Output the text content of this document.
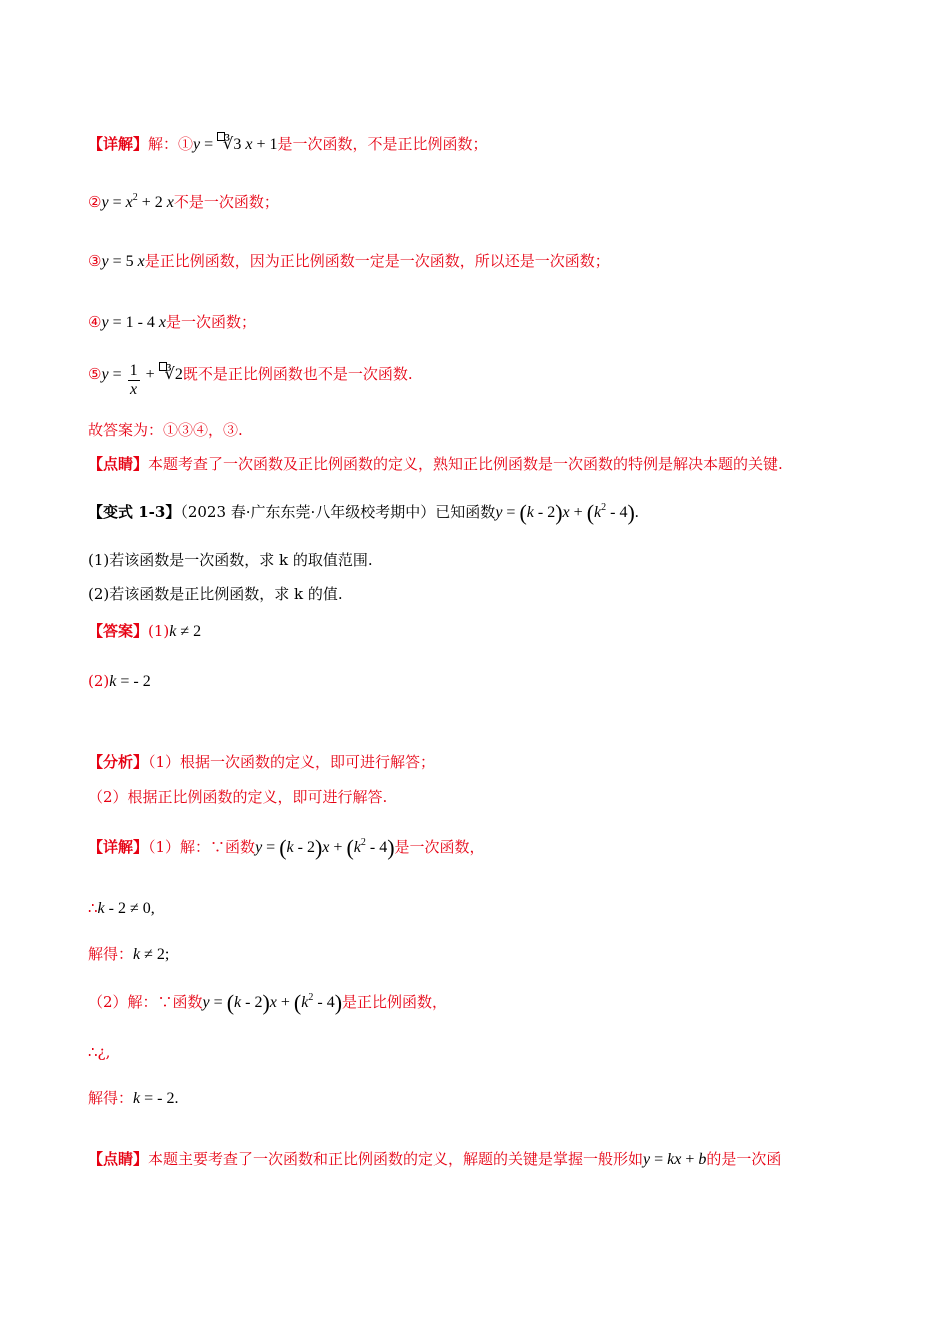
【详解】解：①y = ∛3 x + 1是一次函数，不是正比例函数；
②y = $x^2 + 2$ x不是一次函数；
③y = 5 x是正比例函数，因为正比例函数一定是一次函数，所以还是一次函数；
④y = 1 - 4 x是一次函数；
⑤y = $\frac{1}{x}$ + ∛2既不是正比例函数也不是一次函数.
故答案为：①③④，③.
【点睛】本题考查了一次函数及正比例函数的定义，熟知正比例函数是一次函数的特例是解决本题的关键.
【变式 1-3】（2023 春·广东东莞·八年级校考期中）已知函数$y = (k - 2)x + (k^2 - 4)$.
(1)若该函数是一次函数，求 k 的取值范围.
(2)若该函数是正比例函数，求 k 的值.
【答案】(1)k ≠ 2
(2)k = - 2
【分析】（1）根据一次函数的定义，即可进行解答；
（2）根据正比例函数的定义，即可进行解答.
【详解】（1）解：∵函数$y = (k - 2)x + (k^2 - 4)$是一次函数，
∴k - 2 ≠ 0,
解得：k ≠ 2;
（2）解：∵函数$y = (k - 2)x + (k^2 - 4)$是正比例函数，
∴¿,
解得：k = - 2.
【点睛】本题主要考查了一次函数和正比例函数的定义，解题的关键是掌握一般形如y = kx + b的是一次函
